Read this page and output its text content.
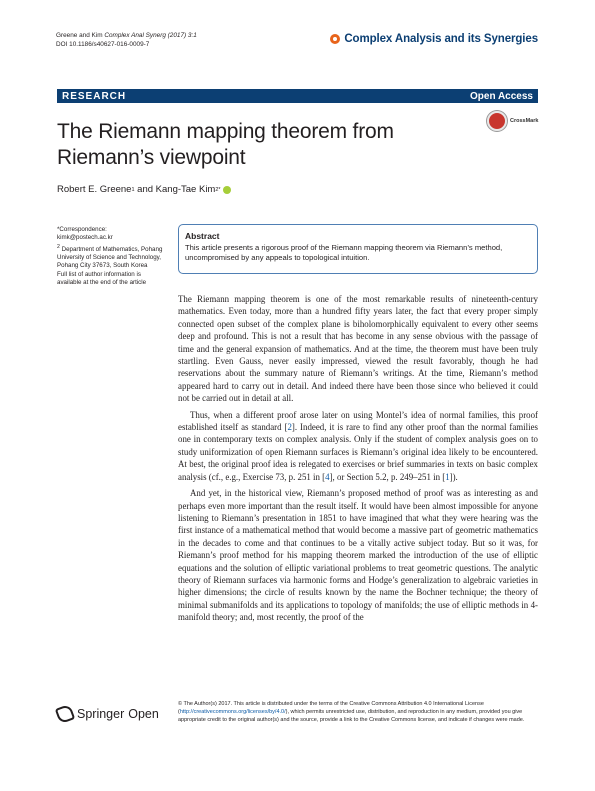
Greene and Kim Complex Anal Synerg (2017) 3:1
DOI 10.1186/s40627-016-0009-7	Complex Analysis and its Synergies
RESEARCH	Open Access
CrossMark
The Riemann mapping theorem from Riemann’s viewpoint
Robert E. Greene 1 and Kang-Tae Kim 2*
*Correspondence:
kimk@postech.ac.kr
$^2$ Department of Mathematics, Pohang University of Science and Technology, Pohang City 37673, South Korea
Full list of author information is available at the end of the article
Abstract
This article presents a rigorous proof of the Riemann mapping theorem via Riemann’s method, uncompromised by any appeals to topological intuition.

The Riemann mapping theorem is one of the most remarkable results of nineteenth-century mathematics. Even today, more than a hundred fifty years later, the fact that every proper simply connected open subset of the complex plane is biholomorphically equivalent to every other seems deep and profound. This is not a result that has become in any sense obvious with the passage of time and the general expansion of mathematics. And at the time, the theorem must have been truly startling. Even Gauss, never easily impressed, viewed the result favorably, though he had reservations about the summary nature of Riemann’s writings. At the time, Riemann’s method appeared hard to carry out in detail. And indeed there have been those since who believed it could not be carried out in detail at all.

Thus, when a different proof arose later on using Montel’s idea of normal families, this proof established itself as standard [2]. Indeed, it is rare to find any other proof than the normal families one in contemporary texts on complex analysis. Only if the student of complex analysis goes on to study uniformization of open Riemann surfaces is Riemann’s original idea likely to be encountered. At best, the original proof idea is relegated to exercises or brief summaries in texts on basic complex analysis (cf., e.g., Exercise 73, p. 251 in [4], or Section 5.2, p. 249–251 in [1]).

And yet, in the historical view, Riemann’s proposed method of proof was as interesting as and perhaps even more important than the result itself. It would have been almost impossible for anyone listening to Riemann’s presentation in 1851 to have imagined that what they were hearing was the first instance of a mathematical method that would become a massive part of geometric mathematics in the decades to come and that continues to be a vitally active subject today. But so it was, for Riemann’s proof method for his mapping theorem marked the introduction of the use of elliptic equations and the solution of elliptic variational problems to treat geometric questions. The analytic theory of Riemann surfaces via harmonic forms and Hodge’s generalization to algebraic varieties in higher dimensions; the circle of results known by the name the Bochner technique; the theory of minimal submanifolds and its applications to topology of manifolds; the use of elliptic methods in 4-manifold theory; and, most recently, the proof of the

Springer Open
© The Author(s) 2017. This article is distributed under the terms of the Creative Commons Attribution 4.0 International License (http://creativecommons.org/licenses/by/4.0/), which permits unrestricted use, distribution, and reproduction in any medium, provided you give appropriate credit to the original author(s) and the source, provide a link to the Creative Commons license, and indicate if changes were made.
